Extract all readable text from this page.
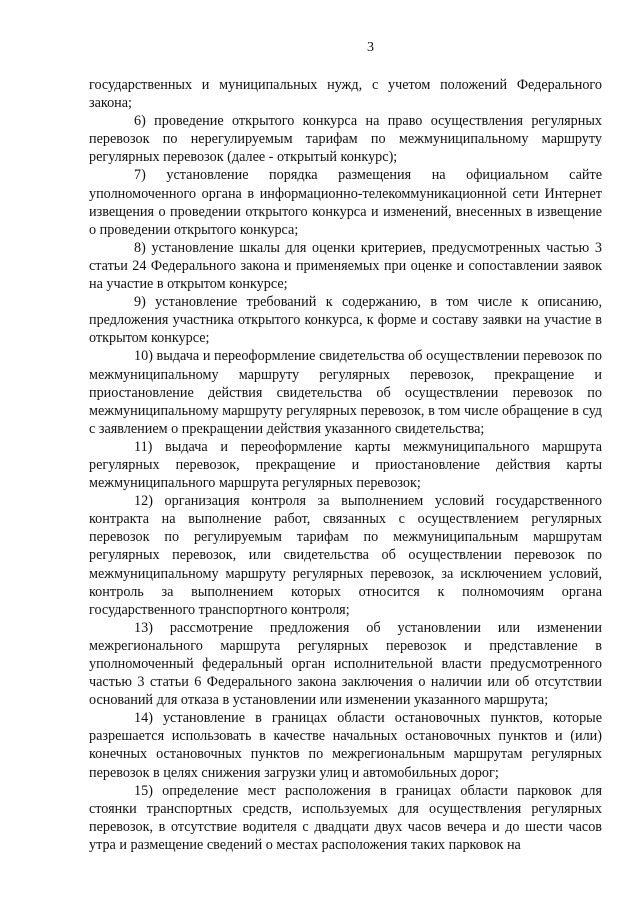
3

государственных и муниципальных нужд, с учетом положений Федерального закона;

6) проведение открытого конкурса на право осуществления регулярных перевозок по нерегулируемым тарифам по межмуниципальному маршруту регулярных перевозок (далее - открытый конкурс);

7) установление порядка размещения на официальном сайте уполномоченного органа в информационно-телекоммуникационной сети Интернет извещения о проведении открытого конкурса и изменений, внесенных в извещение о проведении открытого конкурса;

8) установление шкалы для оценки критериев, предусмотренных частью 3 статьи 24 Федерального закона и применяемых при оценке и сопоставлении заявок на участие в открытом конкурсе;

9) установление требований к содержанию, в том числе к описанию, предложения участника открытого конкурса, к форме и составу заявки на участие в открытом конкурсе;

10) выдача и переоформление свидетельства об осуществлении перевозок по межмуниципальному маршруту регулярных перевозок, прекращение и приостановление действия свидетельства об осуществлении перевозок по межмуниципальному маршруту регулярных перевозок, в том числе обращение в суд с заявлением о прекращении действия указанного свидетельства;

11) выдача и переоформление карты межмуниципального маршрута регулярных перевозок, прекращение и приостановление действия карты межмуниципального маршрута регулярных перевозок;

12) организация контроля за выполнением условий государственного контракта на выполнение работ, связанных с осуществлением регулярных перевозок по регулируемым тарифам по межмуниципальным маршрутам регулярных перевозок, или свидетельства об осуществлении перевозок по межмуниципальному маршруту регулярных перевозок, за исключением условий, контроль за выполнением которых относится к полномочиям органа государственного транспортного контроля;

13) рассмотрение предложения об установлении или изменении межрегионального маршрута регулярных перевозок и представление в уполномоченный федеральный орган исполнительной власти предусмотренного частью 3 статьи 6 Федерального закона заключения о наличии или об отсутствии оснований для отказа в установлении или изменении указанного маршрута;

14) установление в границах области остановочных пунктов, которые разрешается использовать в качестве начальных остановочных пунктов и (или) конечных остановочных пунктов по межрегиональным маршрутам регулярных перевозок в целях снижения загрузки улиц и автомобильных дорог;

15) определение мест расположения в границах области парковок для стоянки транспортных средств, используемых для осуществления регулярных перевозок, в отсутствие водителя с двадцати двух часов вечера и до шести часов утра и размещение сведений о местах расположения таких парковок на
